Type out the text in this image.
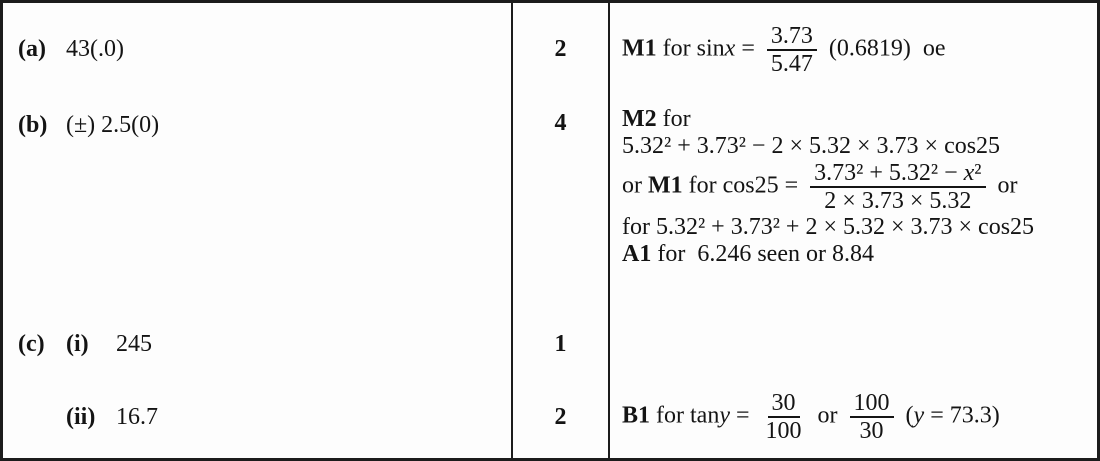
(a) 43(.0)	2 M1 for $\sin x = \frac{3.73}{5.47} (0.6819)$  oe
(b) (±) 2.5(0)	4 M2 for
5.32² + 3.73² − 2 × 5.32 × 3.73 × cos25
or M1 for $\cos 25 = \frac{\text{3.73² + 5.32² − x²}}{2 \times 3.73 \times 5.32}$ or
for 5.32² + 3.73² + 2 × 5.32 × 3.73 × cos25
A1 for  6.246 seen or 8.84
(c) (i)	245	1
(ii) 16.7	2 B1 for $\tan y = \frac{30}{100}$ or $\frac{100}{30} (y = 73.3)$
